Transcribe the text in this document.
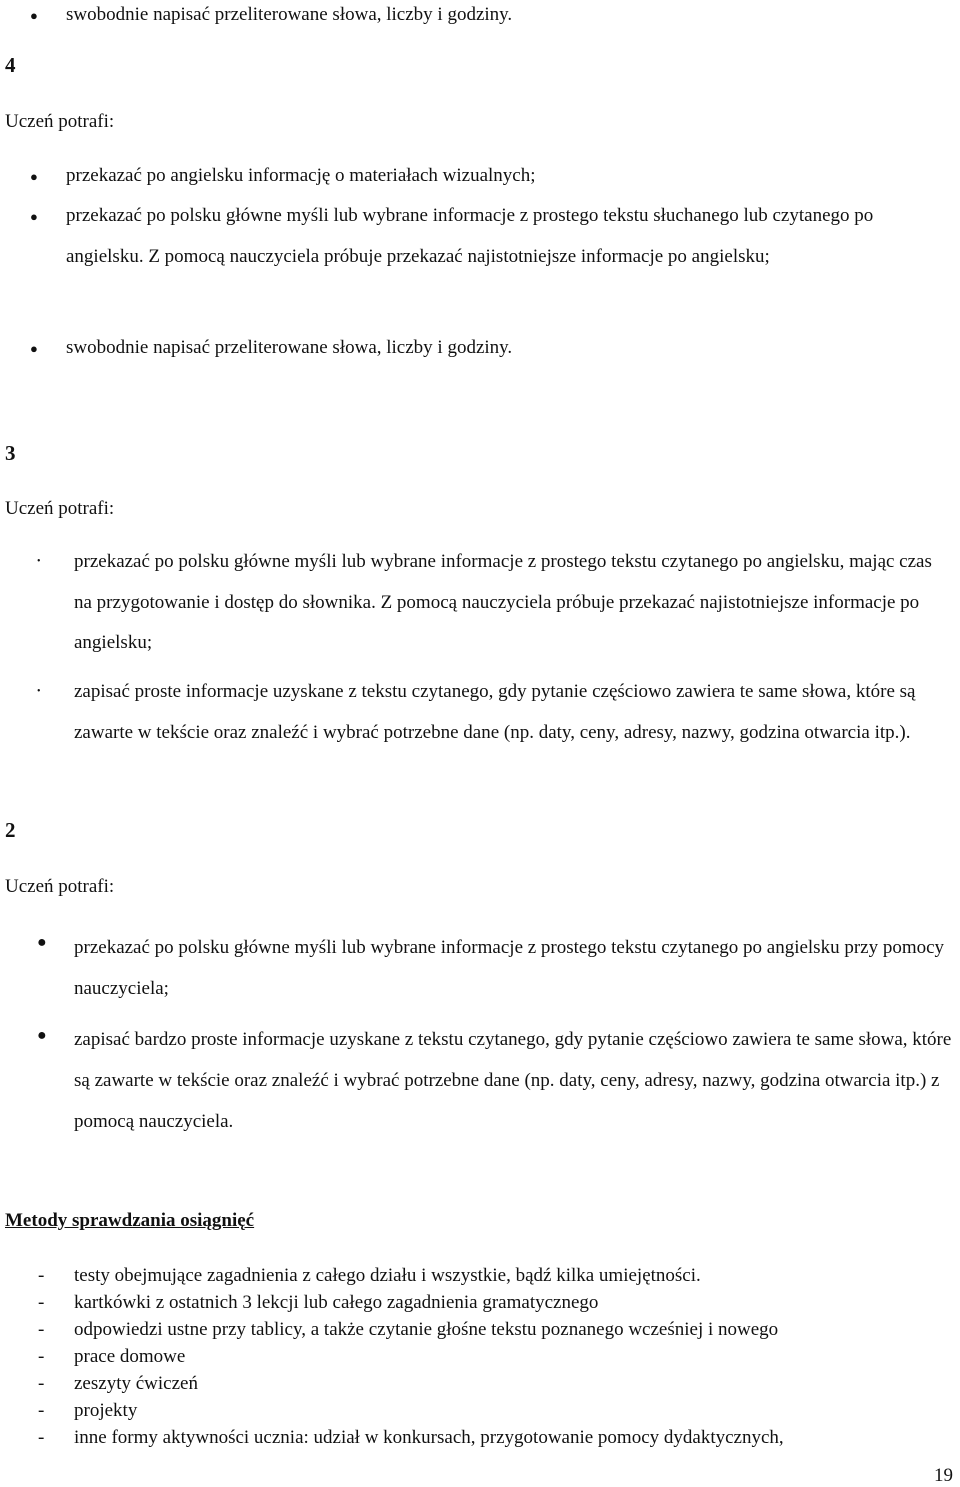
● swobodnie napisać przeliterowane słowa, liczby i godziny.
4
Uczeń potrafi:
● przekazać po angielsku informację o materiałach wizualnych;
● przekazać po polsku główne myśli lub wybrane informacje z prostego tekstu słuchanego lub czytanego po angielsku. Z pomocą nauczyciela próbuje przekazać najistotniejsze informacje po angielsku;
● swobodnie napisać przeliterowane słowa, liczby i godziny.
3
Uczeń potrafi:
• przekazać po polsku główne myśli lub wybrane informacje z prostego tekstu czytanego po angielsku, mając czas na przygotowanie i dostęp do słownika. Z pomocą nauczyciela próbuje przekazać najistotniejsze informacje po angielsku;
• zapisać proste informacje uzyskane z tekstu czytanego, gdy pytanie częściowo zawiera te same słowa, które są zawarte w tekście oraz znaleźć i wybrać potrzebne dane (np. daty, ceny, adresy, nazwy, godzina otwarcia itp.).
2
Uczeń potrafi:
● przekazać po polsku główne myśli lub wybrane informacje z prostego tekstu czytanego po angielsku przy pomocy nauczyciela;
● zapisać bardzo proste informacje uzyskane z tekstu czytanego, gdy pytanie częściowo zawiera te same słowa, które są zawarte w tekście oraz znaleźć i wybrać potrzebne dane (np. daty, ceny, adresy, nazwy, godzina otwarcia itp.) z pomocą nauczyciela.
Metody sprawdzania osiągnięć
-
-
-
-
-
-
-
testy obejmujące zagadnienia z całego działu i wszystkie, bądź kilka umiejętności.
kartkówki z ostatnich 3 lekcji lub całego zagadnienia gramatycznego
odpowiedzi ustne przy tablicy, a także czytanie głośne tekstu poznanego wcześniej i nowego
prace domowe
zeszyty ćwiczeń
projekty
inne formy aktywności ucznia: udział w konkursach, przygotowanie pomocy dydaktycznych,
19
